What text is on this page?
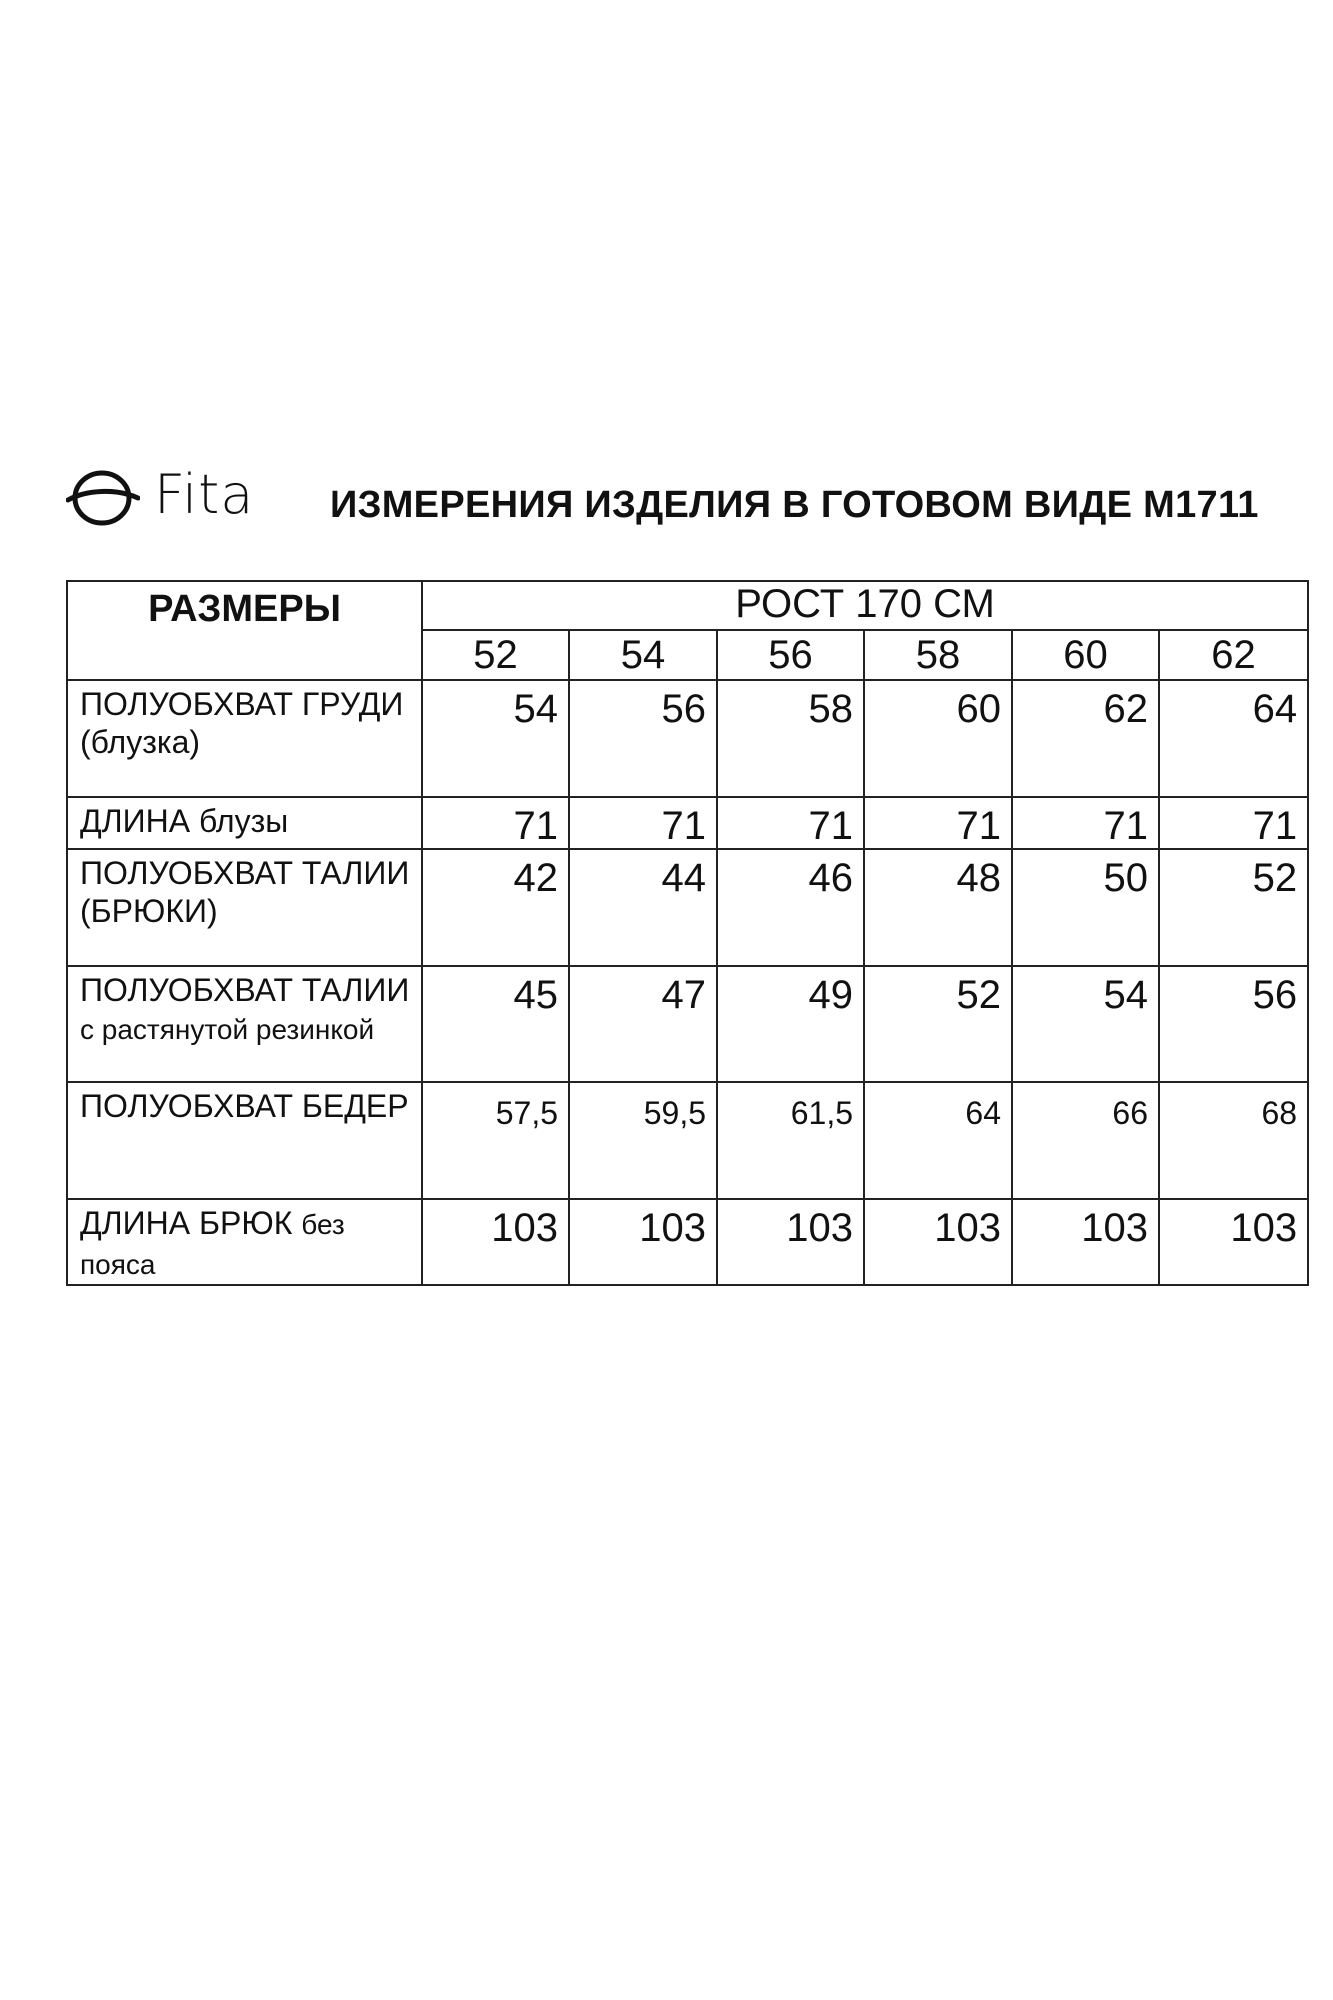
Fita ИЗМЕРЕНИЯ ИЗДЕЛИЯ В ГОТОВОМ ВИДЕ M1711
РАЗМЕРЫ	РОСТ 170 СМ					
	52	54	56	58	60	62
ПОЛУОБХВАТ ГРУДИ (блузка)	54	56	58	60	62	64
ДЛИНА блузы	71	71	71	71	71	71
ПОЛУОБХВАТ ТАЛИИ (БРЮКИ)	42	44	46	48	50	52
ПОЛУОБХВАТ ТАЛИИ с растянутой резинкой	45	47	49	52	54	56
ПОЛУОБХВАТ БЕДЕР	57,5	59,5	61,5	64	66	68
ДЛИНА БРЮК без пояса	103	103	103	103	103	103
